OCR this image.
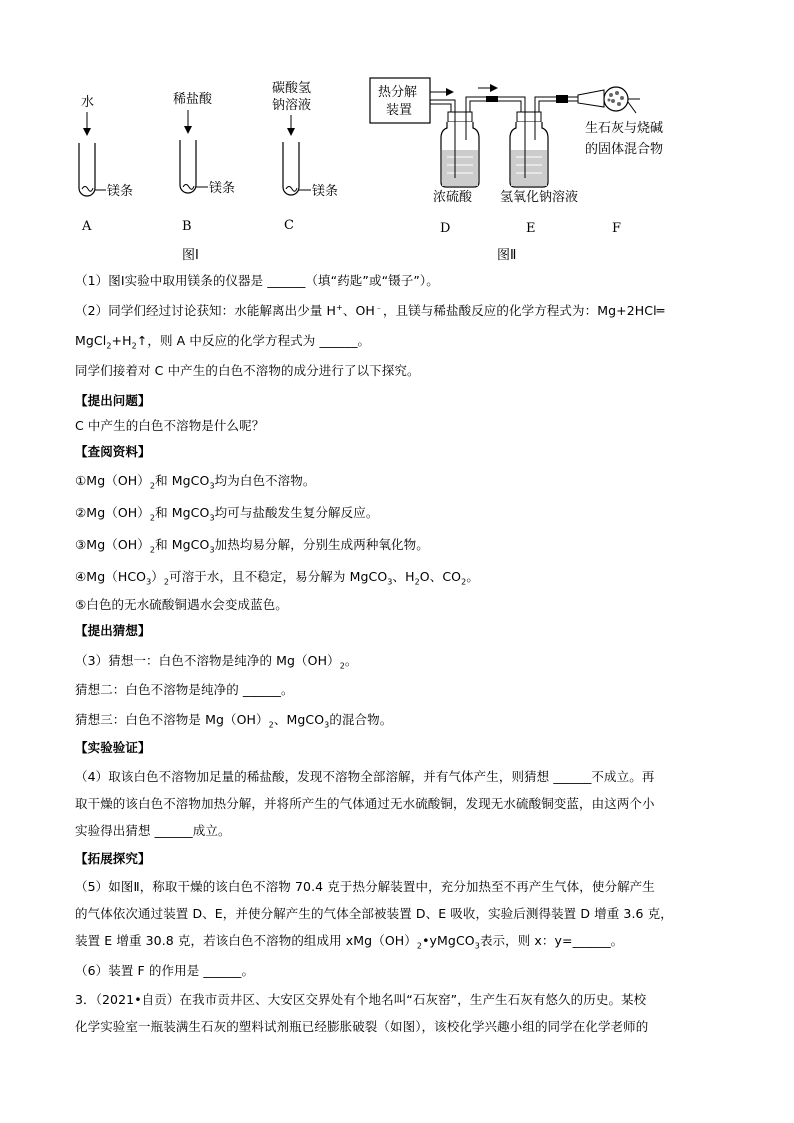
水
镁条
A
稀盐酸
镁条
B
碳酸氢
钠溶液
镁条
C
图Ⅰ
热分解
装置
生石灰与烧碱
的固体混合物
浓硫酸 氢氧化钠溶液
D	E	F
图Ⅱ
（1）图Ⅰ实验中取用镁条的仪器是 ______（填“药匙”或“镊子”）。
（2）同学们经过讨论获知：水能解离出少量 H+、OH﹣，且镁与稀盐酸反应的化学方程式为：Mg+2HCl═
$MgCl_2+H_2↑$，则 A 中反应的化学方程式为 ______。
同学们接着对 C 中产生的白色不溶物的成分进行了以下探究。
【提出问题】
C 中产生的白色不溶物是什么呢？
【查阅资料】
$①Mg(OH)_2$和 MgCO$_3$均为白色不溶物。
$②Mg(OH)_2$和 MgCO$_3$均可与盐酸发生复分解反应。
$③Mg(OH)_2$和 MgCO$_3$加热均易分解，分别生成两种氧化物。
$④Mg(HCO_3)_2$可溶于水，且不稳定，易分解为 MgCO$_3$、$H_2O$、$CO_2$。
⑤白色的无水硫酸铜遇水会变成蓝色。
【提出猜想】
（3）猜想一：白色不溶物是纯净的 $Mg(OH)_2$。
猜想二：白色不溶物是纯净的 ______。
猜想三：白色不溶物是 $Mg(OH)_2$、MgCO$_3$的混合物。
【实验验证】
（4）取该白色不溶物加足量的稀盐酸，发现不溶物全部溶解，并有气体产生，则猜想 ______不成立。再
取干燥的该白色不溶物加热分解，并将所产生的气体通过无水硫酸铜，发现无水硫酸铜变蓝，由这两个小
实验得出猜想 ______成立。
【拓展探究】
（5）如图Ⅱ，称取干燥的该白色不溶物 70.4 克于热分解装置中，充分加热至不再产生气体，使分解产生
的气体依次通过装置 D、E，并使分解产生的气体全部被装置 D、E 吸收，实验后测得装置 D 增重 3.6 克，
装置 E 增重 30.8 克，若该白色不溶物的组成用 $xMg(OH)_2•yMgCO_3$表示，则 x：y=______。
（6）装置 F 的作用是 ______。
3．（2021•自贡）在我市贡井区、大安区交界处有个地名叫“石灰窑”，生产生石灰有悠久的历史。某校
化学实验室一瓶装满生石灰的塑料试剂瓶已经膨胀破裂（如图），该校化学兴趣小组的同学在化学老师的
